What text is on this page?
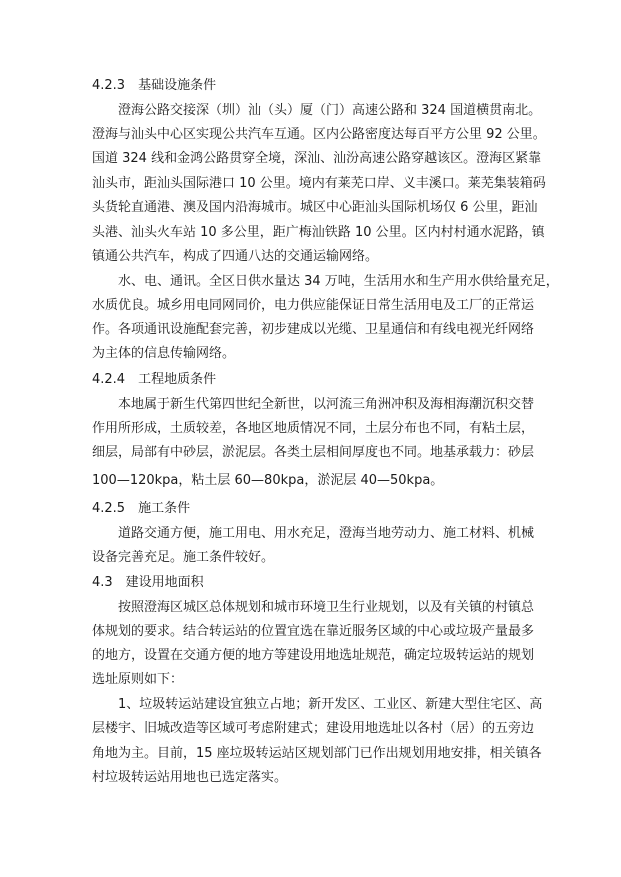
4.2.3　基础设施条件
澄海公路交接深（圳）汕（头）厦（门）高速公路和 324 国道横贯南北。
澄海与汕头中心区实现公共汽车互通。区内公路密度达每百平方公里 92 公里。
国道 324 线和金鸿公路贯穿全境，深汕、汕汾高速公路穿越该区。澄海区紧靠
汕头市，距汕头国际港口 10 公里。境内有莱芜口岸、义丰溪口。莱芜集装箱码
头货轮直通港、澳及国内沿海城市。城区中心距汕头国际机场仅 6 公里，距汕
头港、汕头火车站 10 多公里，距广梅汕铁路 10 公里。区内村村通水泥路，镇
镇通公共汽车，构成了四通八达的交通运输网络。
水、电、通讯。全区日供水量达 34 万吨，生活用水和生产用水供给量充足，
水质优良。城乡用电同网同价，电力供应能保证日常生活用电及工厂的正常运
作。各项通讯设施配套完善，初步建成以光缆、卫星通信和有线电视光纤网络
为主体的信息传输网络。
4.2.4　工程地质条件
本地属于新生代第四世纪全新世，以河流三角洲冲积及海相海潮沉积交替
作用所形成，土质较差，各地区地质情况不同，土层分布也不同，有粘土层，
细层，局部有中砂层，淤泥层。各类土层相间厚度也不同。地基承载力：砂层
100—120kpa，粘土层 60—80kpa，淤泥层 40—50kpa。
4.2.5　施工条件
道路交通方便，施工用电、用水充足，澄海当地劳动力、施工材料、机械
设备完善充足。施工条件较好。
4.3　建设用地面积
按照澄海区城区总体规划和城市环境卫生行业规划，以及有关镇的村镇总
体规划的要求。结合转运站的位置宜选在靠近服务区域的中心或垃圾产量最多
的地方，设置在交通方便的地方等建设用地选址规范，确定垃圾转运站的规划
选址原则如下：
1、垃圾转运站建设宜独立占地；新开发区、工业区、新建大型住宅区、高
层楼宇、旧城改造等区域可考虑附建式；建设用地选址以各村（居）的五旁边
角地为主。目前，15 座垃圾转运站区规划部门已作出规划用地安排，相关镇各
村垃圾转运站用地也已选定落实。
